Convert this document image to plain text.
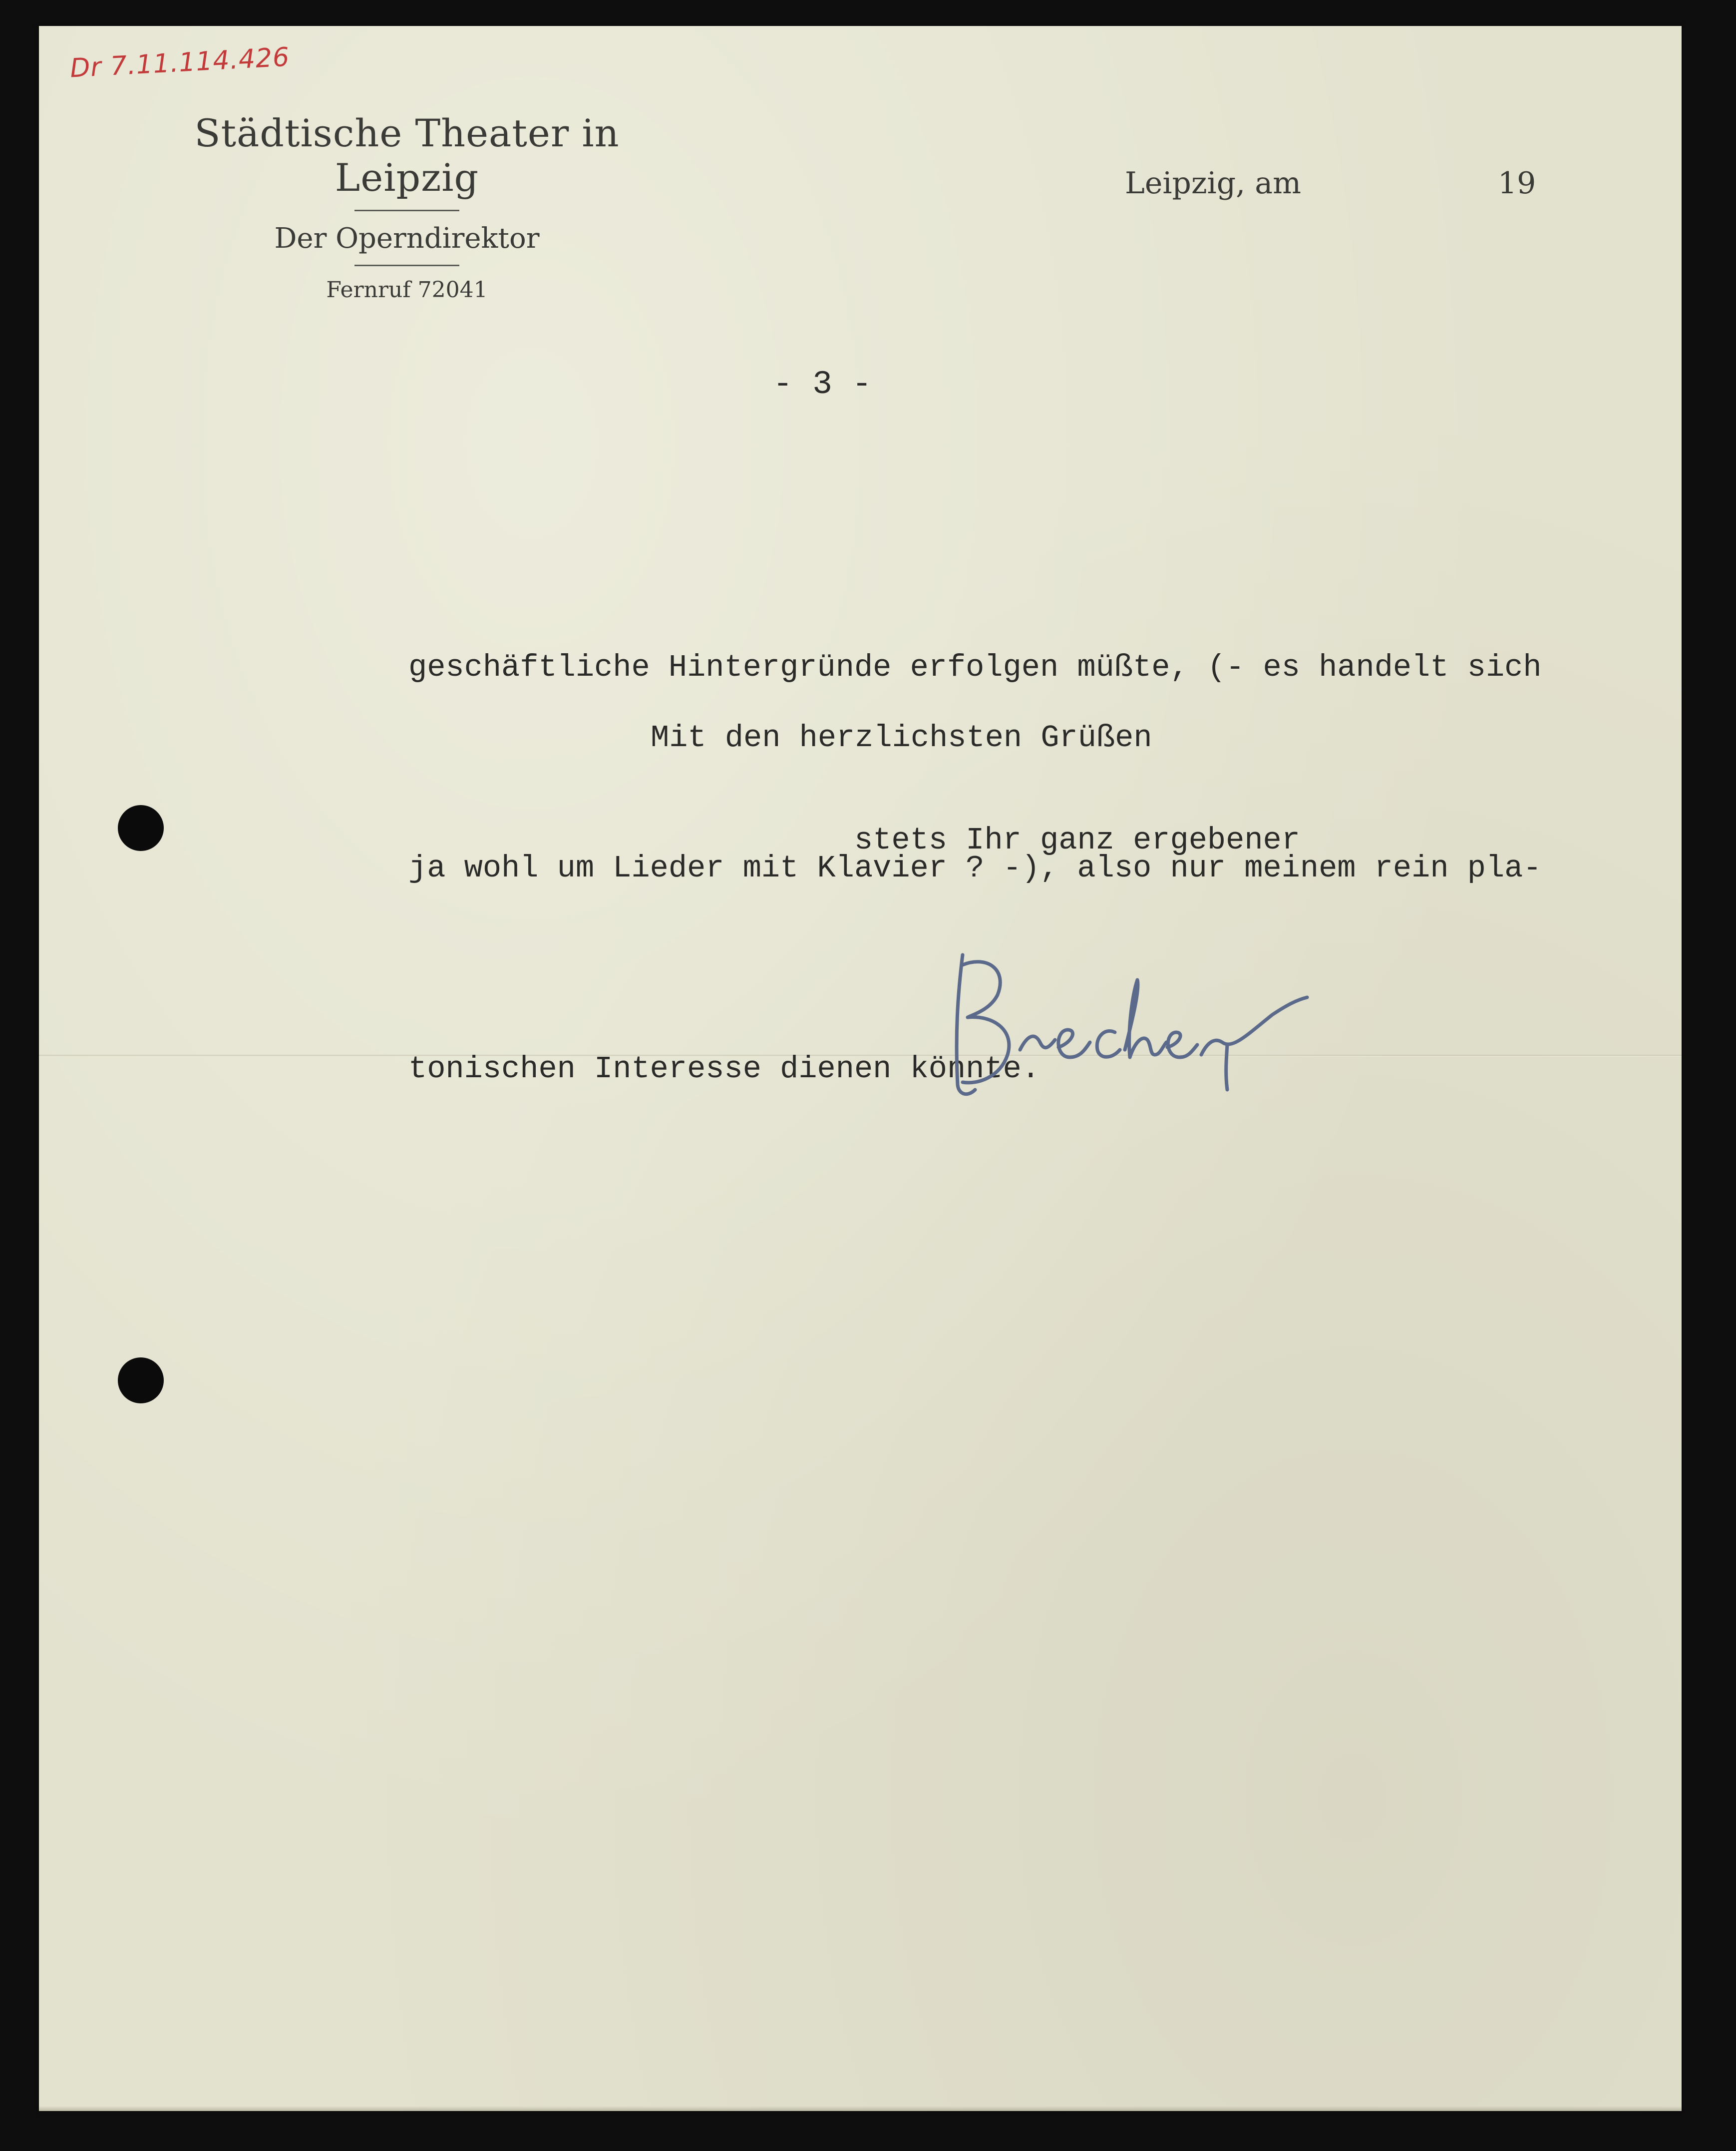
Dr 7.11.114.426
Städtische Theater in Leipzig
Der Operndirektor
Fernruf 72041
Leipzig, am	19
- 3 -

geschäftliche Hintergründe erfolgen müßte, (- es handelt sich

ja wohl um Lieder mit Klavier ? -), also nur meinem rein pla-

tonischen Interesse dienen könnte.

Mit den herzlichsten Grüßen
stets Ihr ganz ergebener
